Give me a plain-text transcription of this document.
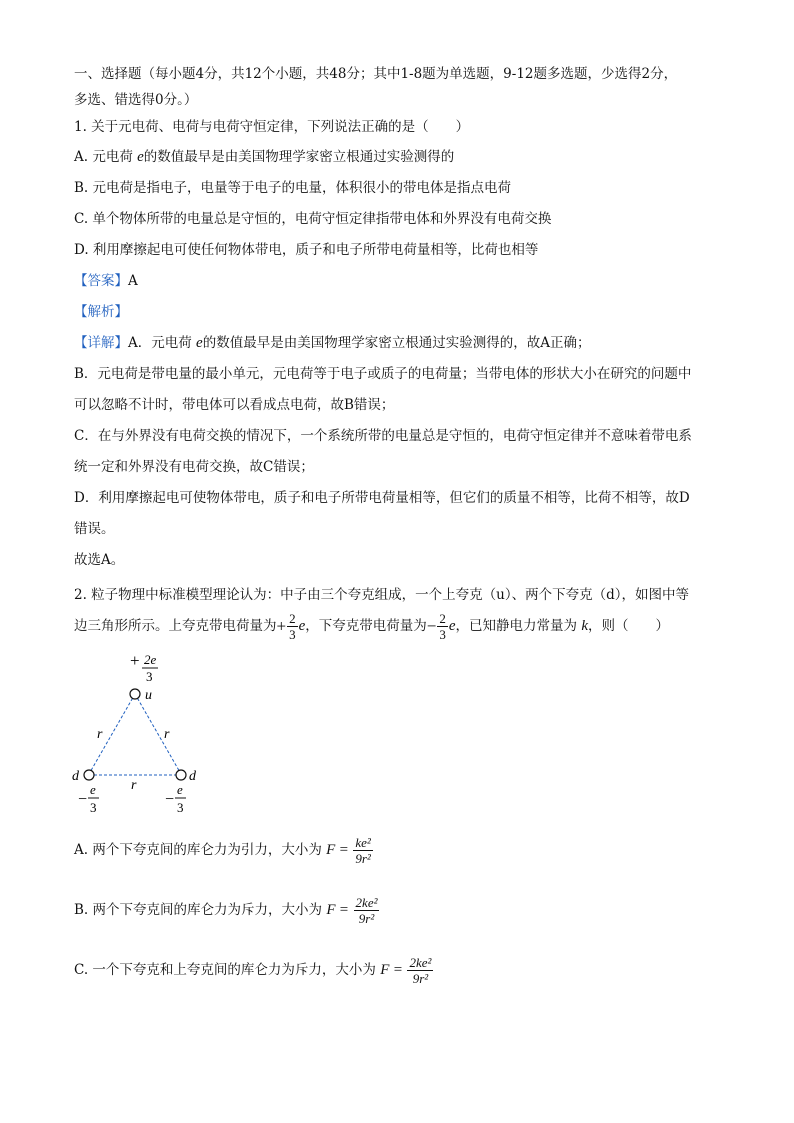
一、选择题（每小题4分，共12个小题，共48分；其中1-8题为单选题，9-12题多选题，少选得2分，
多选、错选得0分。）
1. 关于元电荷、电荷与电荷守恒定律，下列说法正确的是（　　）
A. 元电荷 e的数值最早是由美国物理学家密立根通过实验测得的
B. 元电荷是指电子，电量等于电子的电量，体积很小的带电体是指点电荷
C. 单个物体所带的电量总是守恒的，电荷守恒定律指带电体和外界没有电荷交换
D. 利用摩擦起电可使任何物体带电，质子和电子所带电荷量相等，比荷也相等
【答案】A
【解析】
【详解】A．元电荷 e的数值最早是由美国物理学家密立根通过实验测得的，故A正确；
B．元电荷是带电量的最小单元，元电荷等于电子或质子的电荷量；当带电体的形状大小在研究的问题中
可以忽略不计时，带电体可以看成点电荷，故B错误；
C．在与外界没有电荷交换的情况下，一个系统所带的电量总是守恒的，电荷守恒定律并不意味着带电系
统一定和外界没有电荷交换，故C错误；
D．利用摩擦起电可使物体带电，质子和电子所带电荷量相等，但它们的质量不相等，比荷不相等，故D
错误。
故选A。
2. 粒子物理中标准模型理论认为：中子由三个夸克组成，一个上夸克（u）、两个下夸克（d），如图中等
边三角形所示。上夸克带电荷量为+ $\frac{2}{3}$ e，下夸克带电荷量为− $\frac{2}{3}$ e，已知静电力常量为 k，则（　　）
+ 2e
3
u
d	d
r	r
r
−
e
3	−
e
3
A. 两个下夸克间的库仑力为引力，大小为 $F = \frac{\text{ke²}}{\text{9r²}}$
B. 两个下夸克间的库仑力为斥力，大小为 $F = \frac{\text{2ke²}}{\text{9r²}}$
C. 一个下夸克和上夸克间的库仑力为斥力，大小为 $F = \frac{\text{2ke²}}{\text{9r²}}$
